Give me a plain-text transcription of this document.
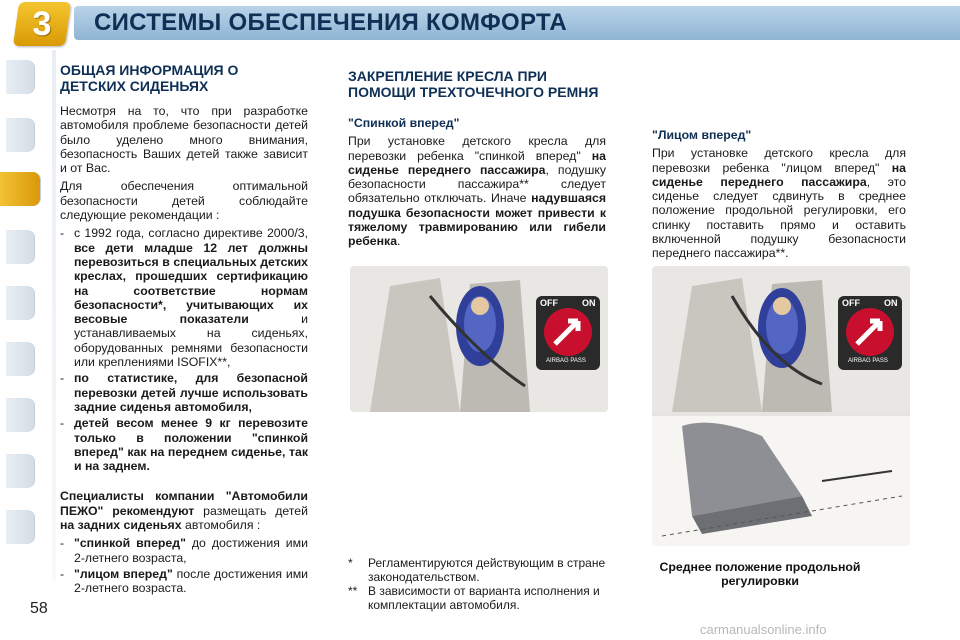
3	СИСТЕМЫ ОБЕСПЕЧЕНИЯ КОМФОРТА
ОБЩАЯ ИНФОРМАЦИЯ О ДЕТСКИХ СИДЕНЬЯХ

Несмотря на то, что при разработке автомобиля проблеме безопасности детей было уделено много внимания, безопасность Ваших детей также зависит и от Вас.

Для обеспечения оптимальной безопасности детей соблюдайте следующие рекомендации :

- с 1992 года, согласно директиве 2000/3, все дети младше 12 лет должны перевозиться в специальных детских креслах, прошедших сертификацию на соответствие нормам безопасности*, учитывающих их весовые показатели	и устанавливаемых на сиденьях, оборудованных ремнями безопасности или креплениями ISOFIX**,
- по статистике, для безопасной перевозки детей лучше использовать задние сиденья автомобиля,
- детей весом менее 9 кг перевозите только в положении "спинкой вперед" как на переднем сиденье, так и на заднем.

Специалисты компании "Автомобили ПЕЖО" рекомендуют размещать детей на задних сиденьях автомобиля :

- "спинкой вперед" до достижения ими 2-летнего возраста,
- "лицом вперед" после достижения ими 2-летнего возраста.
ЗАКРЕПЛЕНИЕ КРЕСЛА ПРИ ПОМОЩИ ТРЕХТОЧЕЧНОГО РЕМНЯ
"Спинкой вперед"

При установке детского кресла для перевозки ребенка "спинкой вперед" на сиденье переднего пассажира, подушку безопасности пассажира** следует обязательно отключать. Иначе надувшаяся подушка безопасности может привести к тяжелому травмированию или гибели ребенка.

"Лицом вперед"

При установке детского кресла для перевозки ребенка "лицом вперед" на сиденье переднего пассажира, это сиденье следует сдвинуть в среднее положение продольной регулировки, его спинку поставить прямо и оставить включенной подушку безопасности переднего пассажира**.

OFF	ON
AIRBAG PASS
OFF	ON
AIRBAG PASS
*	Регламентируются действующим в стране законодательством.
** В зависимости от варианта исполнения и комплектации автомобиля.
Среднее положение продольной регулировки
58
carmanualsonline.info
